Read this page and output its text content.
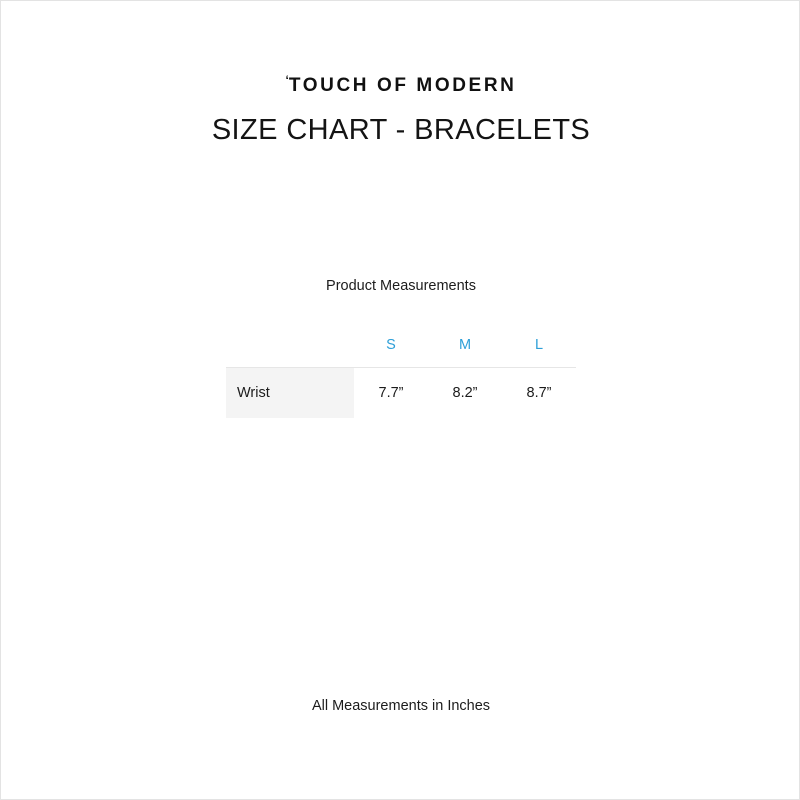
‘TOUCH OF MODERN
SIZE CHART - BRACELETS
Product Measurements
	S	M	L
Wrist	7.7”	8.2”	8.7”
All Measurements in Inches
